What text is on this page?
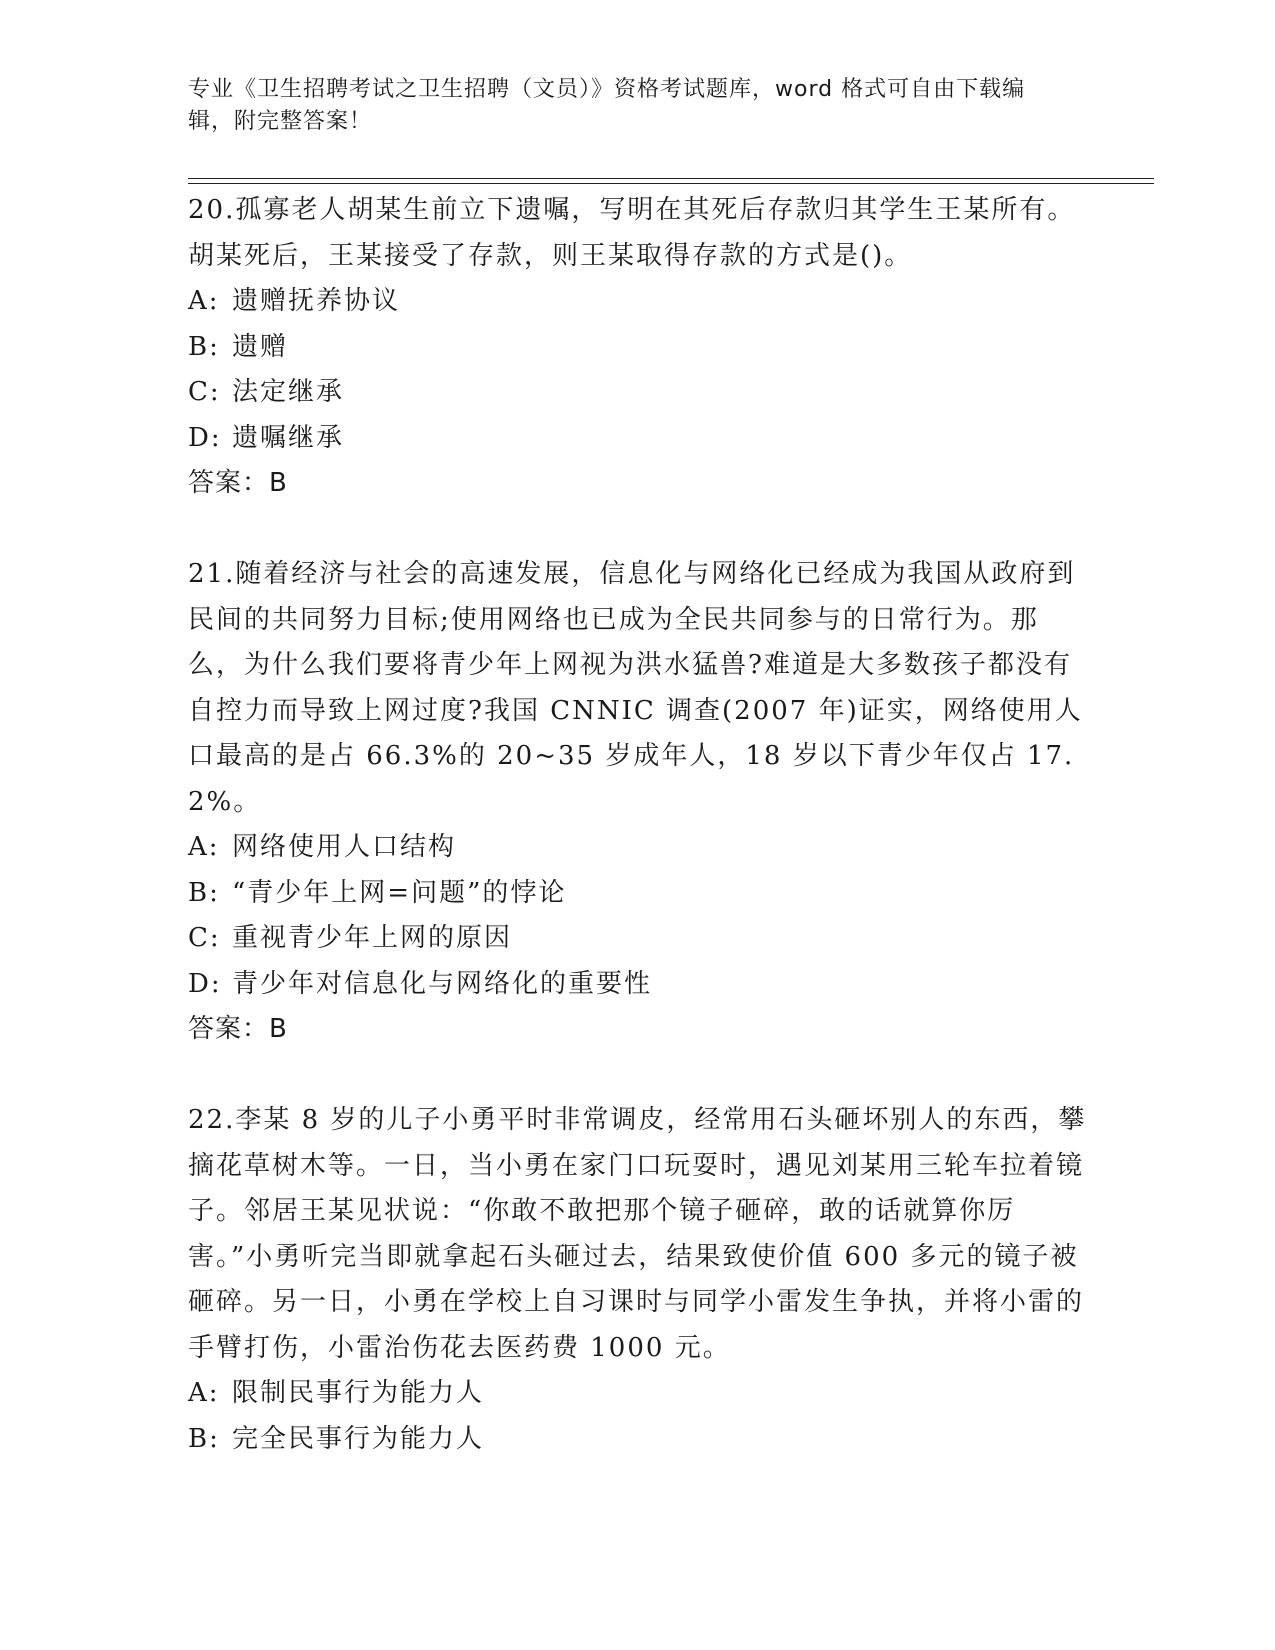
专业《卫生招聘考试之卫生招聘（文员）》资格考试题库，word 格式可自由下载编辑，附完整答案！
20.孤寡老人胡某生前立下遗嘱，写明在其死后存款归其学生王某所有。胡某死后，王某接受了存款，则王某取得存款的方式是()。
A: 遗赠抚养协议
B: 遗赠
C: 法定继承
D: 遗嘱继承
答案：B
21.随着经济与社会的高速发展，信息化与网络化已经成为我国从政府到民间的共同努力目标;使用网络也已成为全民共同参与的日常行为。那么，为什么我们要将青少年上网视为洪水猛兽?难道是大多数孩子都没有自控力而导致上网过度?我国 CNNIC 调查(2007 年)证实，网络使用人口最高的是占 66.3%的 20~35 岁成年人，18 岁以下青少年仅占 17.2%。
A: 网络使用人口结构
B: “青少年上网=问题”的悖论
C: 重视青少年上网的原因
D: 青少年对信息化与网络化的重要性
答案：B
22.李某 8 岁的儿子小勇平时非常调皮，经常用石头砸坏别人的东西，攀摘花草树木等。一日，当小勇在家门口玩耍时，遇见刘某用三轮车拉着镜子。邻居王某见状说：“你敢不敢把那个镜子砸碎，敢的话就算你厉害。”小勇听完当即就拿起石头砸过去，结果致使价值 600 多元的镜子被砸碎。另一日，小勇在学校上自习课时与同学小雷发生争执，并将小雷的手臂打伤，小雷治伤花去医药费 1000 元。
A: 限制民事行为能力人
B: 完全民事行为能力人
